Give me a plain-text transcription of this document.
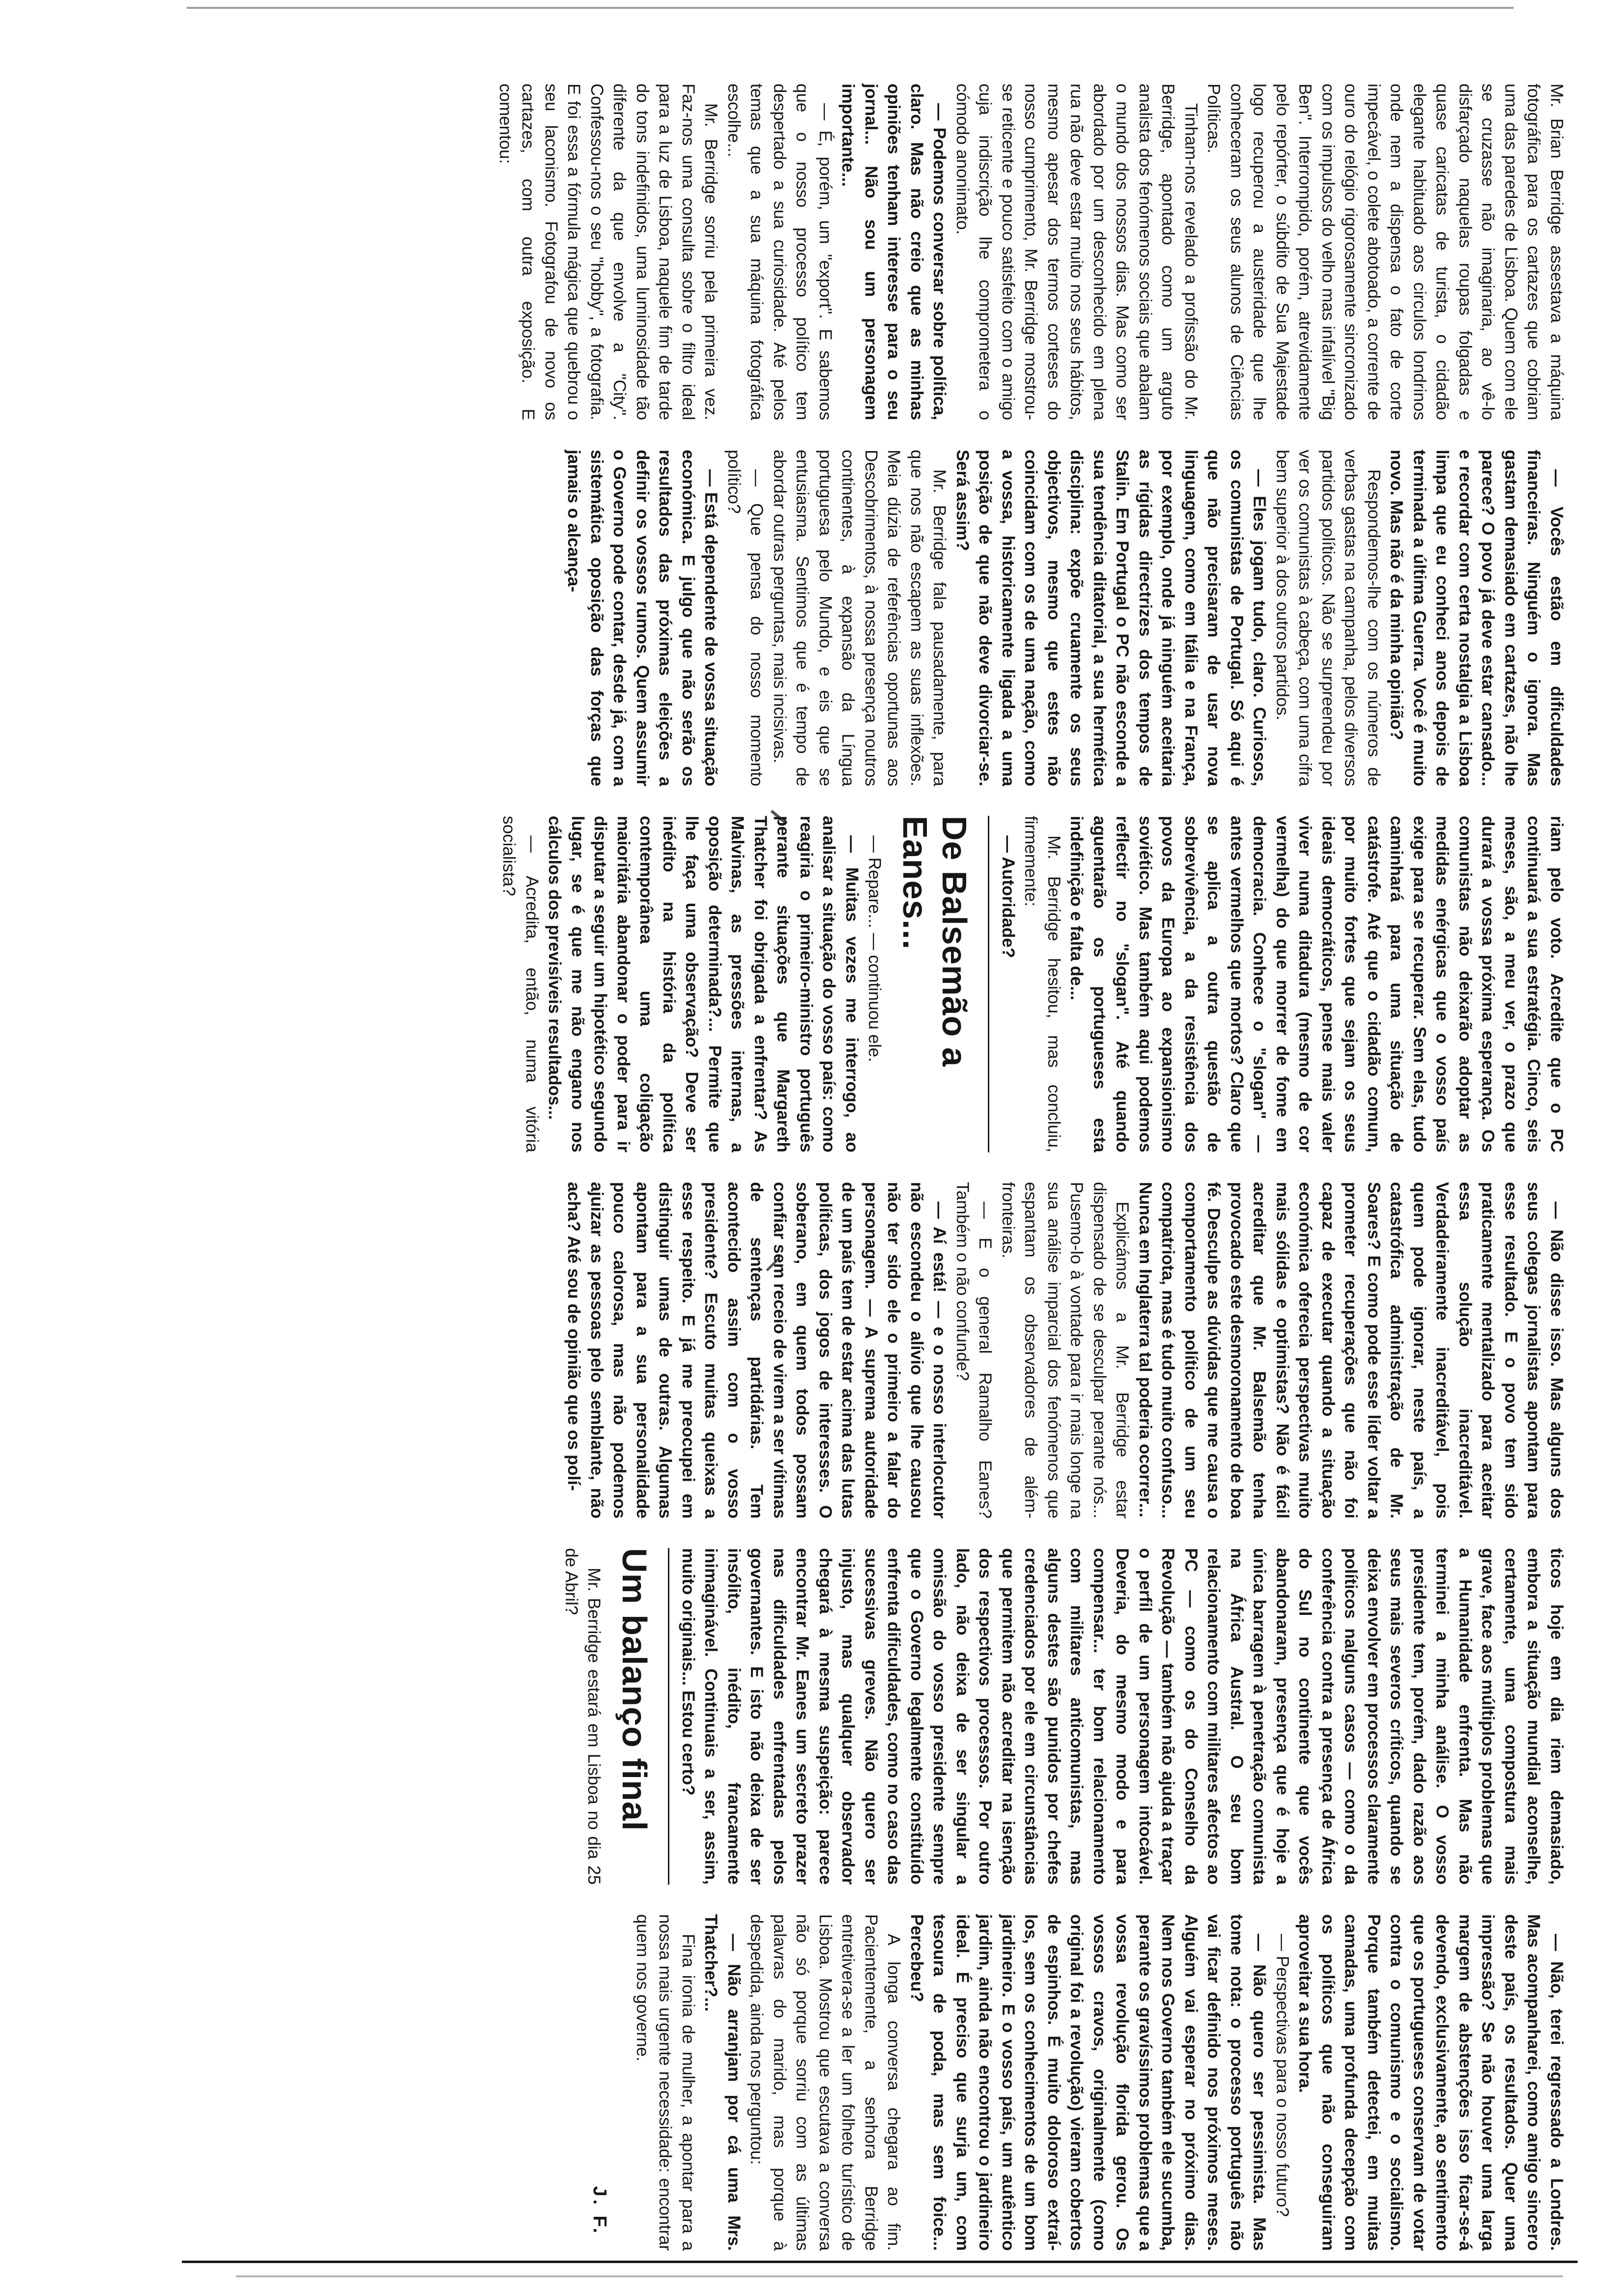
Mr. Brian Berridge assestava a máquina fotográfica para os cartazes que cobriam uma das paredes de Lisboa. Quem com ele se cruzasse não imaginaria, ao vê-lo disfarçado naquelas roupas folgadas e quase caricatas de turista, o cidadão elegante habituado aos circulos londrinos onde nem a dispensa o fato de corte impecável, o colete abotoado, a corrente de ouro do relógio rigorosamente sincronizado com os impulsos do velho mas infalível "Big Ben". Interrompido, porém, atrevidamente pelo repórter, o súbdito de Sua Majestade logo recuperou a austeridade que lhe conheceram os seus alunos de Ciências Políticas.

Tinham-nos revelado a profissão do Mr. Berridge, apontado como um arguto analista dos fenómenos sociais que abalam o mundo dos nossos dias. Mas como ser abordado por um desconhecido em plena rua não deve estar muito nos seus hábitos, mesmo apesar dos termos corteses do nosso cumprimento, Mr. Berridge mostrou-se reticente e pouco satisfeito com o amigo cuja indiscrição lhe comprometera o cómodo anonimato.

— Podemos conversar sobre política, claro. Mas não creio que as minhas opiniões tenham interesse para o seu jornal... Não sou um personagem importante...

— É, porém, um "export". E sabemos que o nosso processo político tem despertado a sua curiosidade. Até pelos temas que a sua máquina fotográfica escolhe...

Mr. Berridge sorriu pela primeira vez. Faz-nos uma consulta sobre o filtro ideal para a luz de Lisboa, naquele fim de tarde do tons indefinidos, uma luminosidade tão diferente da que envolve a "City". Confessou-nos o seu "hobby", a fotografia. E foi essa a fórmula mágica que quebrou o seu laconismo. Fotografou de novo os cartazes, com outra exposição. E comentou:

— Vocês estão em dificuldades financeiras. Ninguém o ignora. Mas gastam demasiado em cartazes, não lhe parece? O povo já deve estar cansado... e recordar com certa nostalgia a Lisboa limpa que eu conheci anos depois de terminada a última Guerra. Você é muito novo. Mas não é da minha opinião?

Respondemos-lhe com os números de verbas gastas na campanha, pelos diversos partidos políticos. Não se surpreendeu por ver os comunistas à cabeça, com uma cifra bem superior à dos outros partidos.

— Eles jogam tudo, claro. Curiosos, os comunistas de Portugal. Só aqui é que não precisaram de usar nova linguagem, como em Itália e na França, por exemplo, onde já ninguém aceitaria as rígidas directrizes dos tempos de Stalin. Em Portugal o PC não esconde a sua tendência ditatorial, a sua hermética disciplina: expõe cruamente os seus objectivos, mesmo que estes não coincidam com os de uma nação, como a vossa, historicamente ligada a uma posição de que não deve divorciar-se. Será assim?

Mr. Berridge fala pausadamente, para que nos não escapem as suas inflexões. Meia dúzia de referências oportunas aos Descobrimentos, à nossa presença noutros continentes, à expansão da Língua portuguesa pelo Mundo, e eis que se entusiasma. Sentimos que é tempo de abordar outras perguntas, mais incisivas.

— Que pensa do nosso momento político?

— Está dependente de vossa situação económica. E julgo que não serão os resultados das próximas eleições a definir os vossos rumos. Quem assumir o Governo pode contar, desde já, com a sistemática oposição das forças que jamais o alcança-

riam pelo voto. Acredite que o PC continuará a sua estratégia. Cinco, seis meses, são, a meu ver, o prazo que durará a vossa próxima esperança. Os comunistas não deixarão adoptar as medidas enérgicas que o vosso país exige para se recuperar. Sem elas, tudo caminhará para uma situação de catástrofe. Até que o cidadão comum, por muito fortes que sejam os seus ideais democráticos, pense mais valer viver numa ditadura (mesmo de cor vermelha) do que morrer de fome em democracia. Conhece o "slogan" — antes vermelhos que mortos? Claro que se aplica a outra questão de sobrevivência, a da resistência dos povos da Europa ao expansionismo soviético. Mas também aqui podemos reflectir no "slogan". Até quando aguentarão os portugueses esta indefinição e falta de...

Mr. Berridge hesitou, mas concluiu, firmemente:

— Autoridade?

De Balsemão a Eanes...

— Repare... — continuou ele.

— Muitas vezes me interrogo, ao analisar a situação do vosso país: como reagiria o primeiro-ministro português perante situações que Margareth Thatcher foi obrigada a enfrentar? As Malvinas, as pressões internas, a oposição determinada?... Permite que lhe faça uma observação? Deve ser inédito na história da política contemporânea uma coligação maioritária abandonar o poder para ir disputar a seguir um hipotético segundo lugar, se é que me não engano nos cálculos dos previsíveis resultados...

— Acredita, então, numa vitória socialista?

— Não disse isso. Mas alguns dos seus colegas jornalistas apontam para esse resultado. E o povo tem sido praticamente mentalizado para aceitar essa solução inacreditável. Verdadeiramente inacreditável, pois quem pode ignorar, neste país, a catastrófica administração de Mr. Soares? E como pode esse líder voltar a prometer recuperações que não foi capaz de executar quando a situação económica oferecia perspectivas muito mais sólidas e optimistas? Não é fácil acreditar que Mr. Balsemão tenha provocado este desmoronamento de boa fé. Desculpe as dúvidas que me causa o comportamento político de um seu compatriota, mas é tudo muito confuso... Nunca em Inglaterra tal poderia ocorrer...

Explicámos a Mr. Berridge estar dispensado de se desculpar perante nós... Pusemo-lo à vontade para ir mais longe na sua análise imparcial dos fenómenos que espantam os observadores de além-fronteiras.

— E o general Ramalho Eanes? Também o não confunde?

— Aí está! — e o nosso interlocutor não escondeu o alívio que lhe causou não ter sido ele o primeiro a falar do personagem. — A suprema autoridade de um país tem de estar acima das lutas políticas, dos jogos de interesses. O soberano, em quem todos possam confiar sem receio de virem a ser vítimas de sentenças partidárias. Tem acontecido assim com o vosso presidente? Escuto muitas queixas a esse respeito. E já me preocupei em distinguir umas de outras. Algumas apontam para a sua personalidade pouco calorosa, mas não podemos ajuizar as pessoas pelo semblante, não acha? Até sou de opinião que os polí-

ticos hoje em dia riem demasiado, embora a situação mundial aconselhe, certamente, uma compostura mais grave, face aos múltiplos problemas que a Humanidade enfrenta. Mas não terminei a minha análise. O vosso presidente tem, porém, dado razão aos seus mais severos críticos, quando se deixa envolver em processos claramente políticos nalguns casos — como o da conferência contra a presença de África do Sul no continente que vocês abandonaram, presença que é hoje a única barragem à penetração comunista na África Austral. O seu bom relacionamento com militares afectos ao PC — como os do Conselho da Revolução — também não ajuda a traçar o perfil de um personagem intocável. Deveria, do mesmo modo e para compensar... ter bom relacionamento com militares anticomunistas, mas alguns destes são punidos por chefes credenciados por ele em circunstâncias que permitem não acreditar na isenção dos respectivos processos. Por outro lado, não deixa de ser singular a omissão do vosso presidente sempre que o Governo legalmente constituído enfrenta dificuldades, como no caso das sucessivas greves. Não quero ser injusto, mas qualquer observador chegará à mesma suspeição: parece encontrar Mr. Eanes um secreto prazer nas dificuldades enfrentadas pelos governantes. E isto não deixa de ser insólito, inédito, francamente inimaginável. Continuais a ser, assim, muito originais... Estou certo?

Um balanço final

Mr. Berridge estará em Lisboa no dia 25 de Abril?

— Não, terei regressado a Londres. Mas acompanharei, como amigo sincero deste país, os resultados. Quer uma impressão? Se não houver uma larga margem de abstenções isso ficar-se-á devendo, exclusivamente, ao sentimento que os portugueses conservam de votar contra o comunismo e o socialismo. Porque também detectei, em muitas camadas, uma profunda decepção com os políticos que não conseguiram aproveitar a sua hora.

— Perspectivas para o nosso futuro?

— Não quero ser pessimista. Mas tome nota: o processo português não vai ficar definido nos próximos meses. Alguém vai esperar no próximo dias. Nem nos Governo também ele sucumba, perante os gravíssimos problemas que a vossa revolução florida gerou. Os vossos cravos, originalmente (como original foi a revolução) vieram cobertos de espinhos. É muito doloroso extraí-los, sem os conhecimentos de um bom jardineiro. E o vosso país, um autêntico jardim, ainda não encontrou o jardineiro ideal. É preciso que surja um, com tesoura de poda, mas sem foice... Percebeu?

A longa conversa chegara ao fim. Pacientemente, a senhora Berridge entretivera-se a ler um folheto turístico de Lisboa. Mostrou que escutava a conversa não só porque sorriu com as últimas palavras do marido, mas porque à despedida, ainda nos perguntou:

— Não arranjam por cá uma Mrs. Thatcher?...

Fina ironia de mulher, a apontar para a nossa mais urgente necessidade: encontrar quem nos governe.

J. F.
